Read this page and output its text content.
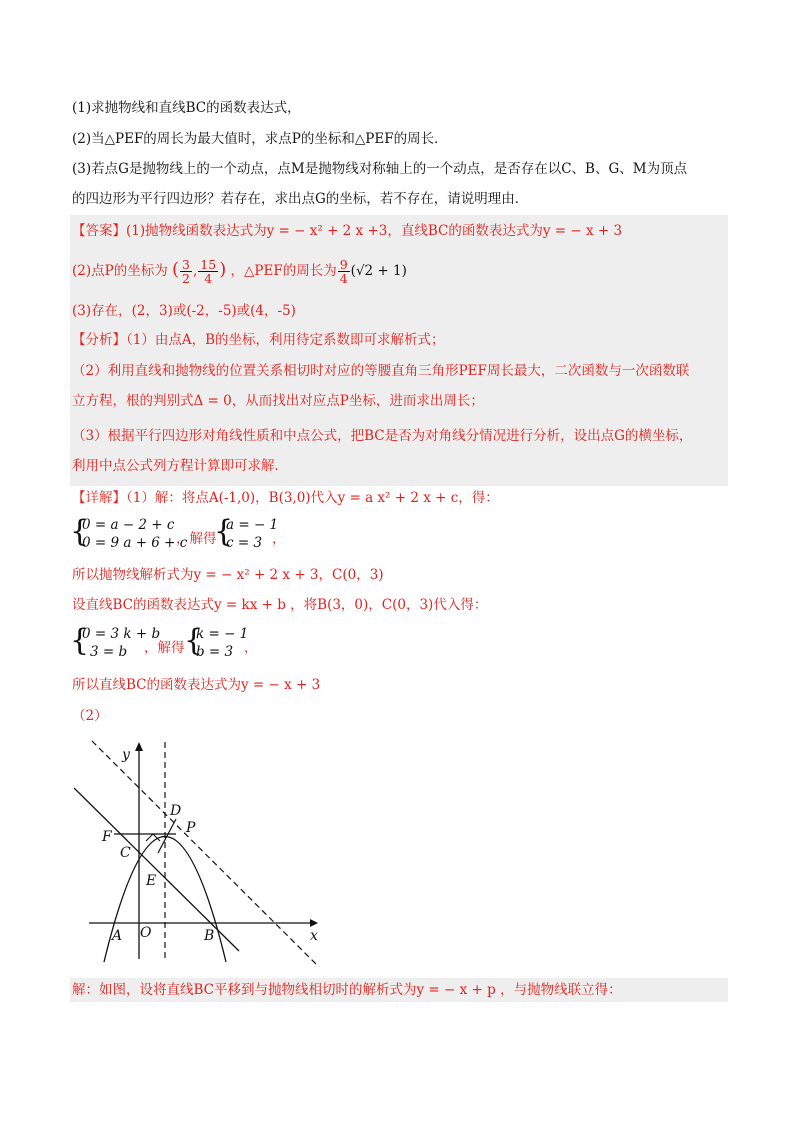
(1)求抛物线和直线BC的函数表达式，
(2)当△PEF的周长为最大值时，求点P的坐标和△PEF的周长．
(3)若点G是抛物线上的一个动点，点M是抛物线对称轴上的一个动点，是否存在以C、B、G、M为顶点
的四边形为平行四边形？若存在，求出点G的坐标，若不存在，请说明理由．
【答案】(1)抛物线函数表达式为y = − x² + 2 x +3，直线BC的函数表达式为y = − x + 3
(2)点P的坐标为 ( $\frac{3}{2}$ , $\frac{15}{4}$ ) ，△PEF的周长为 $\frac{9}{4} (√2 + 1)$
(3)存在，(2，3)或(-2，-5)或(4，-5)
【分析】（1）由点A，B的坐标，利用待定系数即可求解析式；
（2）利用直线和抛物线的位置关系相切时对应的等腰直角三角形PEF周长最大，二次函数与一次函数联
立方程，根的判别式Δ = 0，从而找出对应点P坐标，进而求出周长；
（3）根据平行四边形对角线性质和中点公式，把BC是否为对角线分情况进行分析，设出点G的横坐标，
利用中点公式列方程计算即可求解．
【详解】（1）解：将点A(-1,0)，B(3,0)代入y = a x² + 2 x + c，得：
{
0 = a − 2 + c
0 = 9 a + 6 + c
，解得
{
a = − 1
c = 3 ，
所以抛物线解析式为y = − x² + 2 x + 3，C(0，3)
设直线BC的函数表达式y = kx + b ，将B(3，0)，C(0，3)代入得：
{
0 = 3 k + b
3 = b ，解得 {
k = − 1
b = 3 ，
所以直线BC的函数表达式为y = − x + 3
（2）
y
x
D
P
F
C
E
A O	B
解：如图，设将直线BC平移到与抛物线相切时的解析式为y = − x + p ，与抛物线联立得：
